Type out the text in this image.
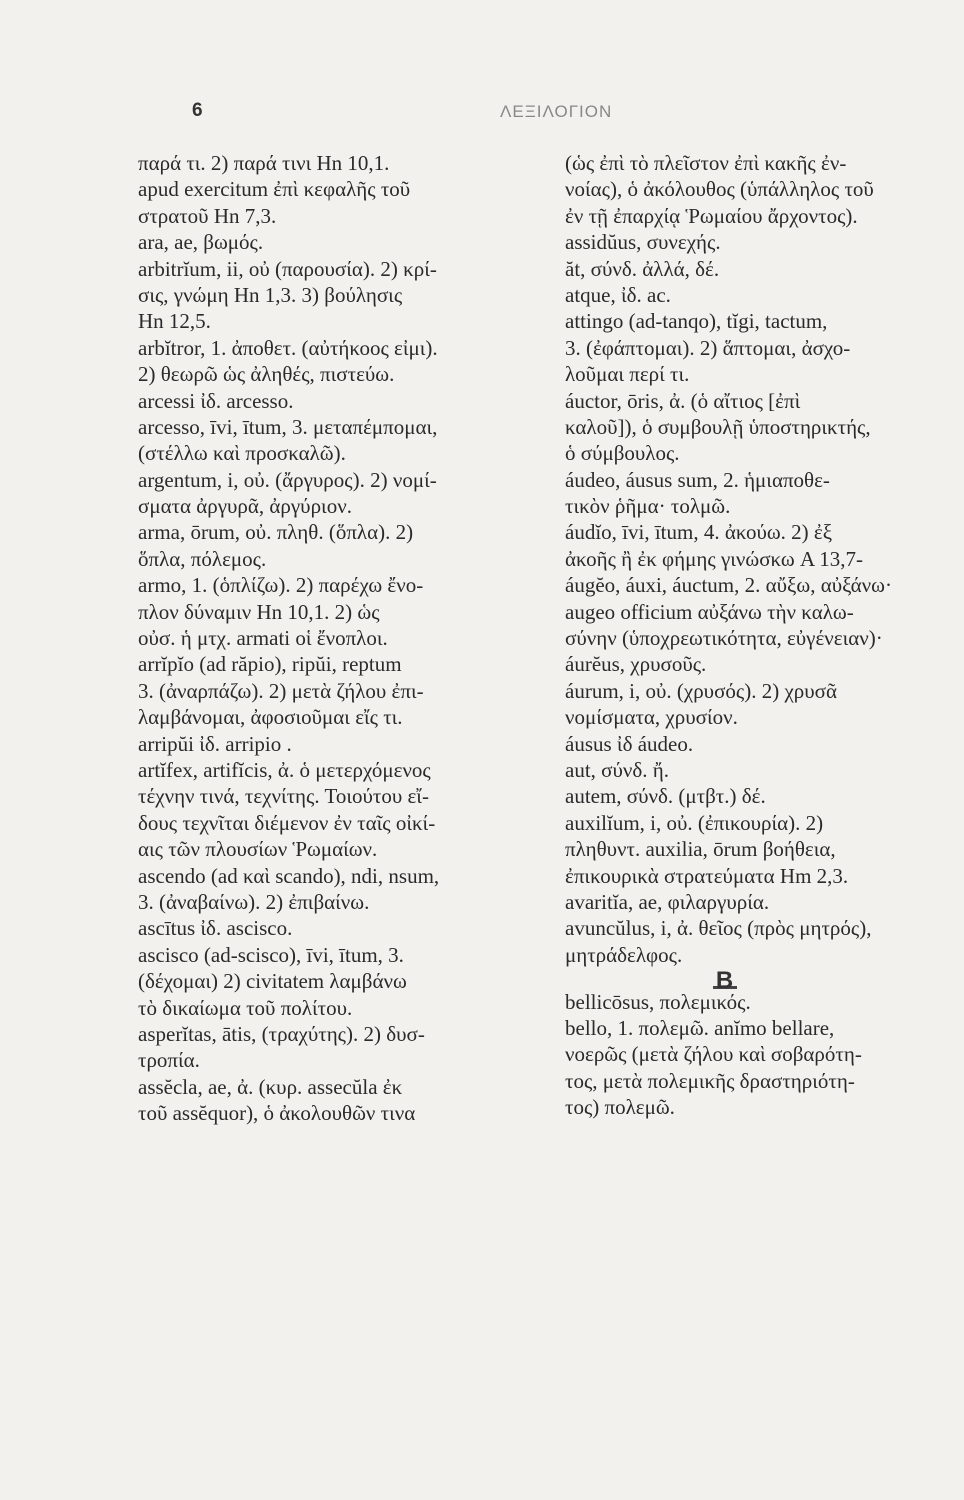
6	ΛΕΞΙΛΟΓΙΟΝ
παρά τι. 2) παρά τινι Hn 10,1.
apud exercitum ἐπὶ κεφαλῆς τοῦ
στρατοῦ Hn 7,3.
ara, ae, βωμός.
arbitrĭum, ii, οὐ (παρουσία). 2) κρί-
σις, γνώμη Hn 1,3. 3) βούλησις
Hn 12,5.
arbĭtror, 1. ἀποθετ. (αὐτήκοος εἰμι).
2) θεωρῶ ὡς ἀληθές, πιστεύω.
arcessi ἰδ. arcesso.
arcesso, īvi, ītum, 3. μεταπέμπομαι,
(στέλλω καὶ προσκαλῶ).
argentum, i, οὐ. (ἄργυρος). 2) νομί-
σματα ἀργυρᾶ, ἀργύριον.
arma, ōrum, οὐ. πληθ. (ὅπλα). 2)
ὅπλα, πόλεμος.
armo, 1. (ὁπλίζω). 2) παρέχω ἔνο-
πλον δύναμιν Hn 10,1. 2) ὡς
οὐσ. ἡ μτχ. armati οἱ ἔνοπλοι.
arrĭpĭo (ad răpio), ripŭi, reptum
3. (ἀναρπάζω). 2) μετὰ ζήλου ἐπι-
λαμβάνομαι, ἀφοσιοῦμαι εἴς τι.
arripŭi ἰδ. arripio .
artĭfex, artifĭcis, ἀ. ὁ μετερχόμενος
τέχνην τινά, τεχνίτης. Τοιούτου εἴ-
δους τεχνῖται διέμενον ἐν ταῖς οἰκί-
αις τῶν πλουσίων Ῥωμαίων.
ascendo (ad καὶ scando), ndi, nsum,
3. (ἀναβαίνω). 2) ἐπιβαίνω.
ascītus ἰδ. ascisco.
ascisco (ad-scisco), īvi, ītum, 3.
(δέχομαι) 2) civitatem λαμβάνω
τὸ δικαίωμα τοῦ πολίτου.
asperĭtas, ātis, (τραχύτης). 2) δυσ-
τροπία.
assĕcla, ae, ἀ. (κυρ. assecŭla ἐκ
τοῦ assĕquor), ὁ ἀκολουθῶν τινα
(ὡς ἐπὶ τὸ πλεῖστον ἐπὶ κακῆς ἐν-
νοίας), ὁ ἀκόλουθος (ὑπάλληλος τοῦ
ἐν τῇ ἐπαρχίᾳ Ῥωμαίου ἄρχοντος).
assidŭus, συνεχής.
ăt, σύνδ. ἀλλά, δέ.
atque, ἰδ. ac.
attingo (ad-tanqo), tĭgi, tactum,
3. (ἐφάπτομαι). 2) ἅπτομαι, ἀσχο-
λοῦμαι περί τι.
áuctor, ōris, ἀ. (ὁ αἴτιος [ἐπὶ
καλοῦ]), ὁ συμβουλῇ ὑποστηρικτής,
ὁ σύμβουλος.
áudeo, áusus sum, 2. ἡμιαποθε-
τικὸν ῥῆμα· τολμῶ.
áudĭo, īvi, ītum, 4. ἀκούω. 2) ἐξ
ἀκοῆς ἢ ἐκ φήμης γινώσκω A 13,7-
áugĕo, áuxi, áuctum, 2. αὔξω, αὐξάνω·
augeo officium αὐξάνω τὴν καλω-
σύνην (ὑποχρεωτικότητα, εὐγένειαν)·
áurĕus, χρυσοῦς.
áurum, i, οὐ. (χρυσός). 2) χρυσᾶ
νομίσματα, χρυσίον.
áusus ἰδ áudeo.
aut, σύνδ. ἤ.
autem, σύνδ. (μτβτ.) δέ.
auxilĭum, i, οὐ. (ἐπικουρία). 2)
πληθυντ. auxilia, ōrum βοήθεια,
ἐπικουρικὰ στρατεύματα Hm 2,3.
avaritĭa, ae, φιλαργυρία.
avuncŭlus, i, ἀ. θεῖος (πρὸς μητρός),
μητράδελφος.
B
bellicōsus, πολεμικός.
bello, 1. πολεμῶ. anĭmo bellare,
νοερῶς (μετὰ ζήλου καὶ σοβαρότη-
τος, μετὰ πολεμικῆς δραστηριότη-
τος) πολεμῶ.
